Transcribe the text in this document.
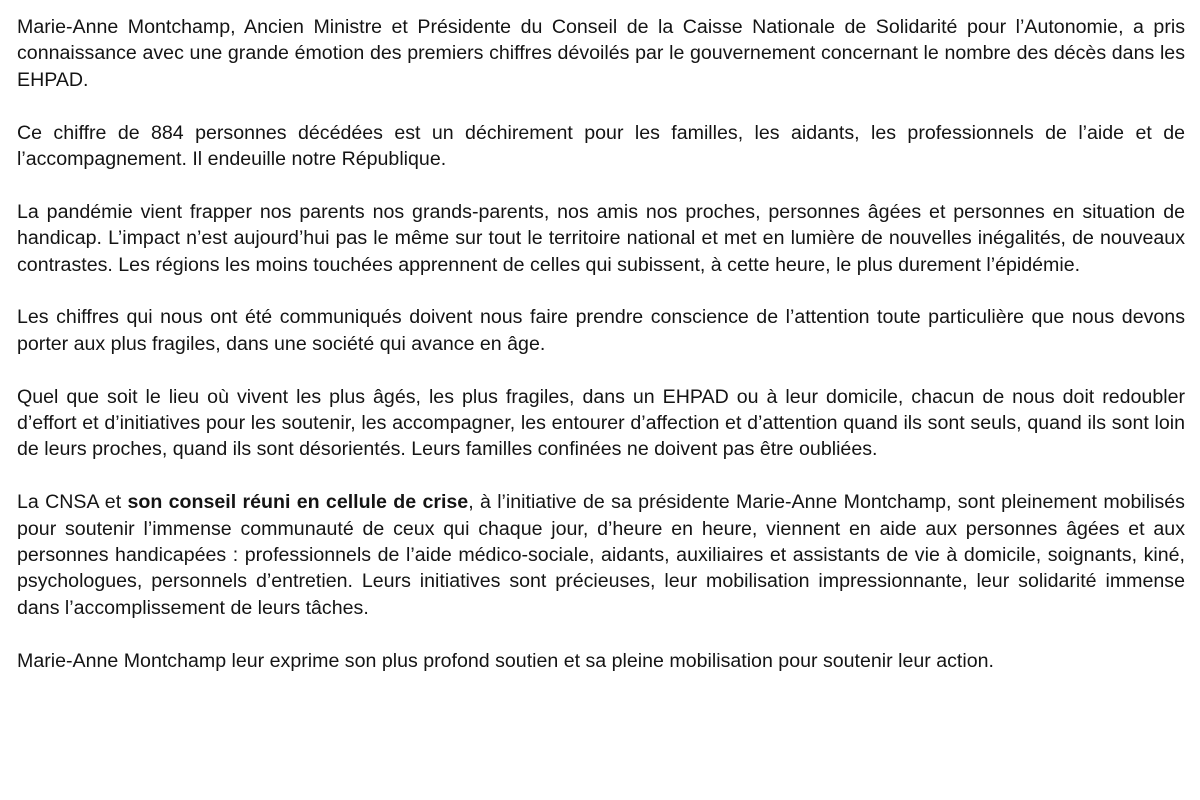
Marie-Anne Montchamp, Ancien Ministre et Présidente du Conseil de la Caisse Nationale de Solidarité pour l’Autonomie, a pris connaissance avec une grande émotion des premiers chiffres dévoilés par le gouvernement concernant le nombre des décès dans les EHPAD.

Ce chiffre de 884 personnes décédées est un déchirement pour les familles, les aidants, les professionnels de l’aide et de l’accompagnement. Il endeuille notre République.

La pandémie vient frapper nos parents nos grands-parents, nos amis nos proches, personnes âgées et personnes en situation de handicap. L’impact n’est aujourd’hui pas le même sur tout le territoire national et met en lumière de nouvelles inégalités, de nouveaux contrastes. Les régions les moins touchées apprennent de celles qui subissent, à cette heure, le plus durement l’épidémie.

Les chiffres qui nous ont été communiqués doivent nous faire prendre conscience de l’attention toute particulière que nous devons porter aux plus fragiles, dans une société qui avance en âge.

Quel que soit le lieu où vivent les plus âgés, les plus fragiles, dans un EHPAD ou à leur domicile, chacun de nous doit redoubler d’effort et d’initiatives pour les soutenir, les accompagner, les entourer d’affection et d’attention quand ils sont seuls, quand ils sont loin de leurs proches, quand ils sont désorientés. Leurs familles confinées ne doivent pas être oubliées.

La CNSA et son conseil réuni en cellule de crise, à l’initiative de sa présidente Marie-Anne Montchamp, sont pleinement mobilisés pour soutenir l’immense communauté de ceux qui chaque jour, d’heure en heure, viennent en aide aux personnes âgées et aux personnes handicapées : professionnels de l’aide médico-sociale, aidants, auxiliaires et assistants de vie à domicile, soignants, kiné, psychologues, personnels d’entretien. Leurs initiatives sont précieuses, leur mobilisation impressionnante, leur solidarité immense dans l’accomplissement de leurs tâches.

Marie-Anne Montchamp leur exprime son plus profond soutien et sa pleine mobilisation pour soutenir leur action.
